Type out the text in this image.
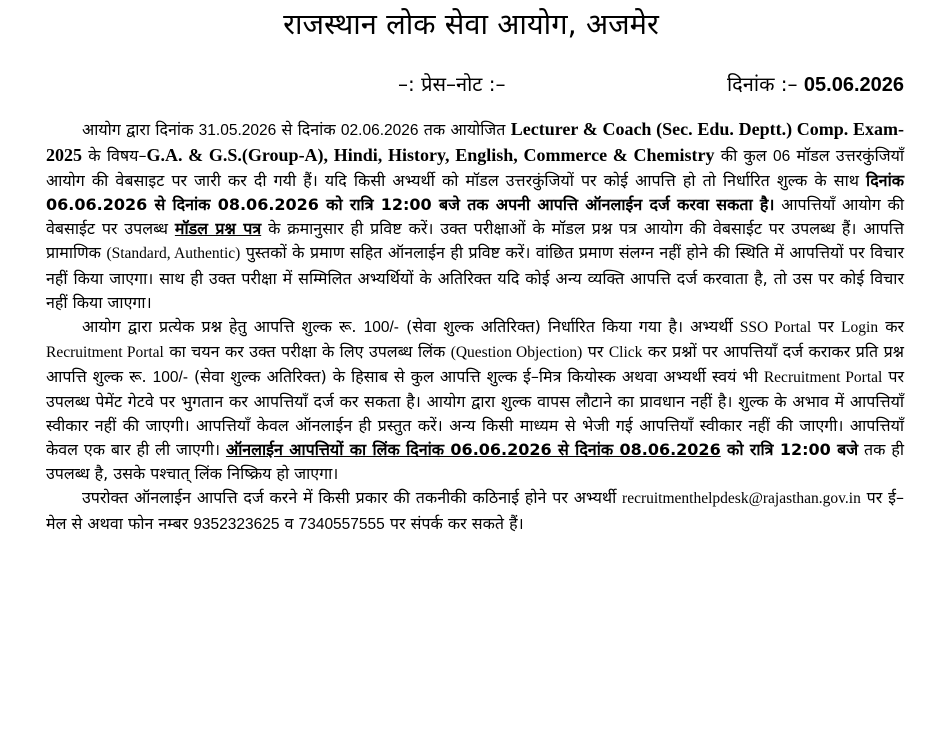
राजस्थान लोक सेवा आयोग, अजमेर
–: प्रेस–नोट :–	दिनांक :– 05.06.2026

आयोग द्वारा दिनांक 31.05.2026 से दिनांक 02.06.2026 तक आयोजित Lecturer & Coach (Sec. Edu. Deptt.) Comp. Exam-2025 के विषय–G.A. & G.S.(Group-A), Hindi, History, English, Commerce & Chemistry की कुल 06 मॉडल उत्तरकुंजियाँ आयोग की वेबसाइट पर जारी कर दी गयी हैं। यदि किसी अभ्यर्थी को मॉडल उत्तरकुंजियों पर कोई आपत्ति हो तो निर्धारित शुल्क के साथ दिनांक 06.06.2026 से दिनांक 08.06.2026 को रात्रि 12:00 बजे तक अपनी आपत्ति ऑनलाईन दर्ज करवा सकता है। आपत्तियाँ आयोग की वेबसाईट पर उपलब्ध मॉडल प्रश्न पत्र के क्रमानुसार ही प्रविष्ट करें। उक्त परीक्षाओं के मॉडल प्रश्न पत्र आयोग की वेबसाईट पर उपलब्ध हैं। आपत्ति प्रामाणिक (Standard, Authentic) पुस्तकों के प्रमाण सहित ऑनलाईन ही प्रविष्ट करें। वांछित प्रमाण संलग्न नहीं होने की स्थिति में आपत्तियों पर विचार नहीं किया जाएगा। साथ ही उक्त परीक्षा में सम्मिलित अभ्यर्थियों के अतिरिक्त यदि कोई अन्य व्यक्ति आपत्ति दर्ज करवाता है, तो उस पर कोई विचार नहीं किया जाएगा।

आयोग द्वारा प्रत्येक प्रश्न हेतु आपत्ति शुल्क रू. 100/- (सेवा शुल्क अतिरिक्त) निर्धारित किया गया है। अभ्यर्थी SSO Portal पर Login कर Recruitment Portal का चयन कर उक्त परीक्षा के लिए उपलब्ध लिंक (Question Objection) पर Click कर प्रश्नों पर आपत्तियाँ दर्ज कराकर प्रति प्रश्न आपत्ति शुल्क रू. 100/- (सेवा शुल्क अतिरिक्त) के हिसाब से कुल आपत्ति शुल्क ई–मित्र कियोस्क अथवा अभ्यर्थी स्वयं भी Recruitment Portal पर उपलब्ध पेमेंट गेटवे पर भुगतान कर आपत्तियाँ दर्ज कर सकता है। आयोग द्वारा शुल्क वापस लौटाने का प्रावधान नहीं है। शुल्क के अभाव में आपत्तियाँ स्वीकार नहीं की जाएगी। आपत्तियाँ केवल ऑनलाईन ही प्रस्तुत करें। अन्य किसी माध्यम से भेजी गई आपत्तियाँ स्वीकार नहीं की जाएगी। आपत्तियाँ केवल एक बार ही ली जाएगी। ऑनलाईन आपत्तियों का लिंक दिनांक 06.06.2026 से दिनांक 08.06.2026 को रात्रि 12:00 बजे तक ही उपलब्ध है, उसके पश्चात् लिंक निष्क्रिय हो जाएगा।

उपरोक्त ऑनलाईन आपत्ति दर्ज करने में किसी प्रकार की तकनीकी कठिनाई होने पर अभ्यर्थी recruitmenthelpdesk@rajasthan.gov.in पर ई–मेल से अथवा फोन नम्बर 9352323625 व 7340557555 पर संपर्क कर सकते हैं।
